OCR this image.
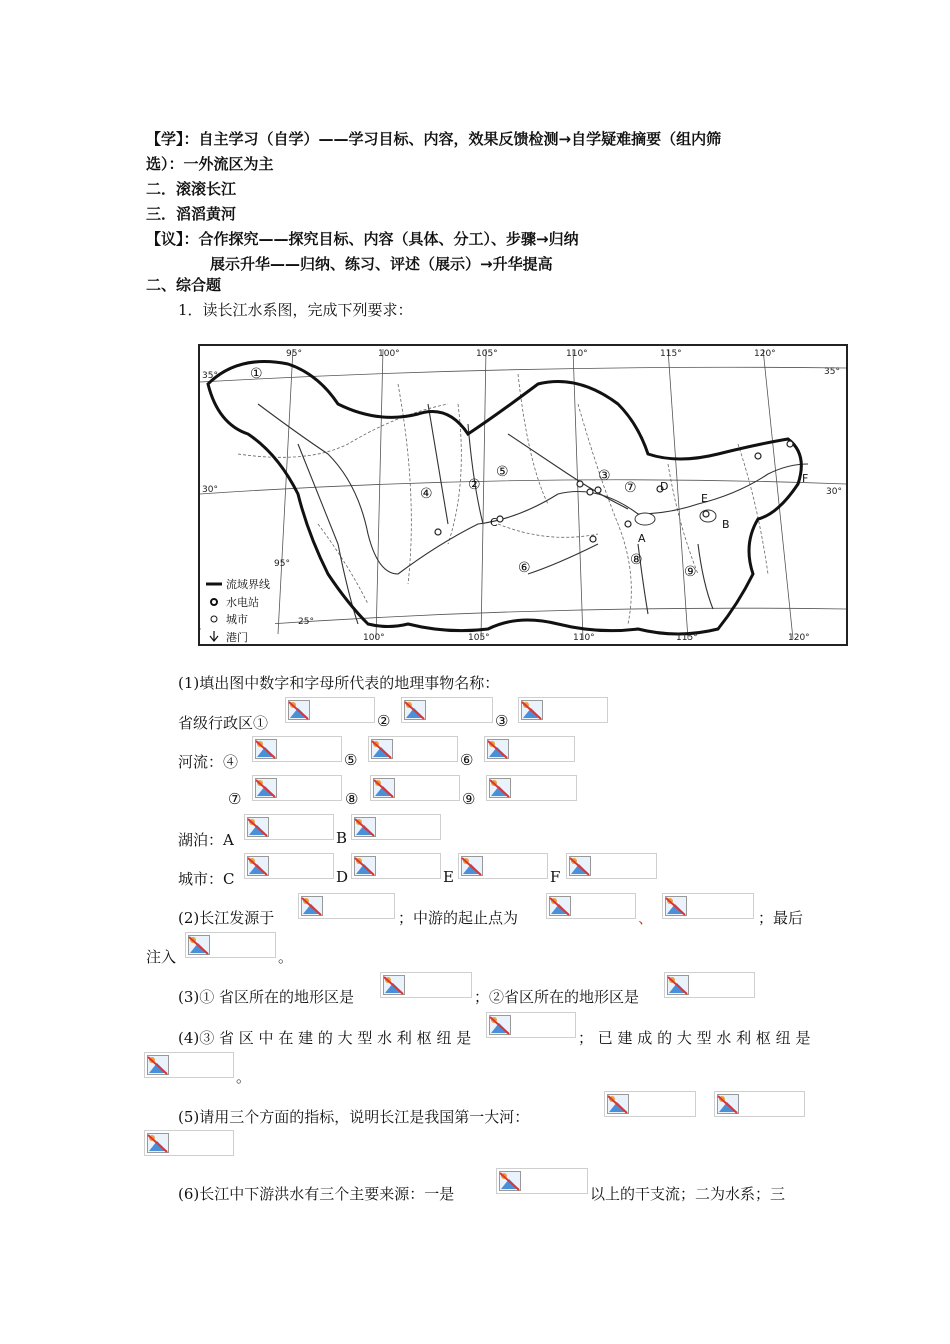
【学】：自主学习（自学）——学习目标、内容，效果反馈检测→自学疑难摘要（组内筛
选）：一外流区为主
二．滚滚长江
三．滔滔黄河
【议】：合作探究——探究目标、内容（具体、分工）、步骤→归纳
展示升华——归纳、练习、评述（展示）→升华提高
二、综合题
1．读长江水系图，完成下列要求：
95°	100°	105°	110°	115°	120°
35°
30°
25°
35°
30°
95°
100°	105°	110°	115°	120°
①
②
③
④
⑤
⑥
⑦
⑧
⑨
A
B
C
D
E
F
流域界线
水电站
城市
港门
(1)填出图中数字和字母所代表的地理事物名称：
省级行政区①	②	③
河流：④	⑤	⑥
⑦	⑧	⑨
湖泊：A	B
城市：C	D	E	F
(2)长江发源于	；中游的起止点为	、	；最后
注入	。
(3)① 省区所在的地形区是	；②省区所在的地形区是
(4)③ 省 区 中 在 建 的 大 型 水 利 枢 纽 是	； 已 建 成 的 大 型 水 利 枢 纽 是
。
(5)请用三个方面的指标，说明长江是我国第一大河：
(6)长江中下游洪水有三个主要来源：一是	以上的干支流；二为水系；三
